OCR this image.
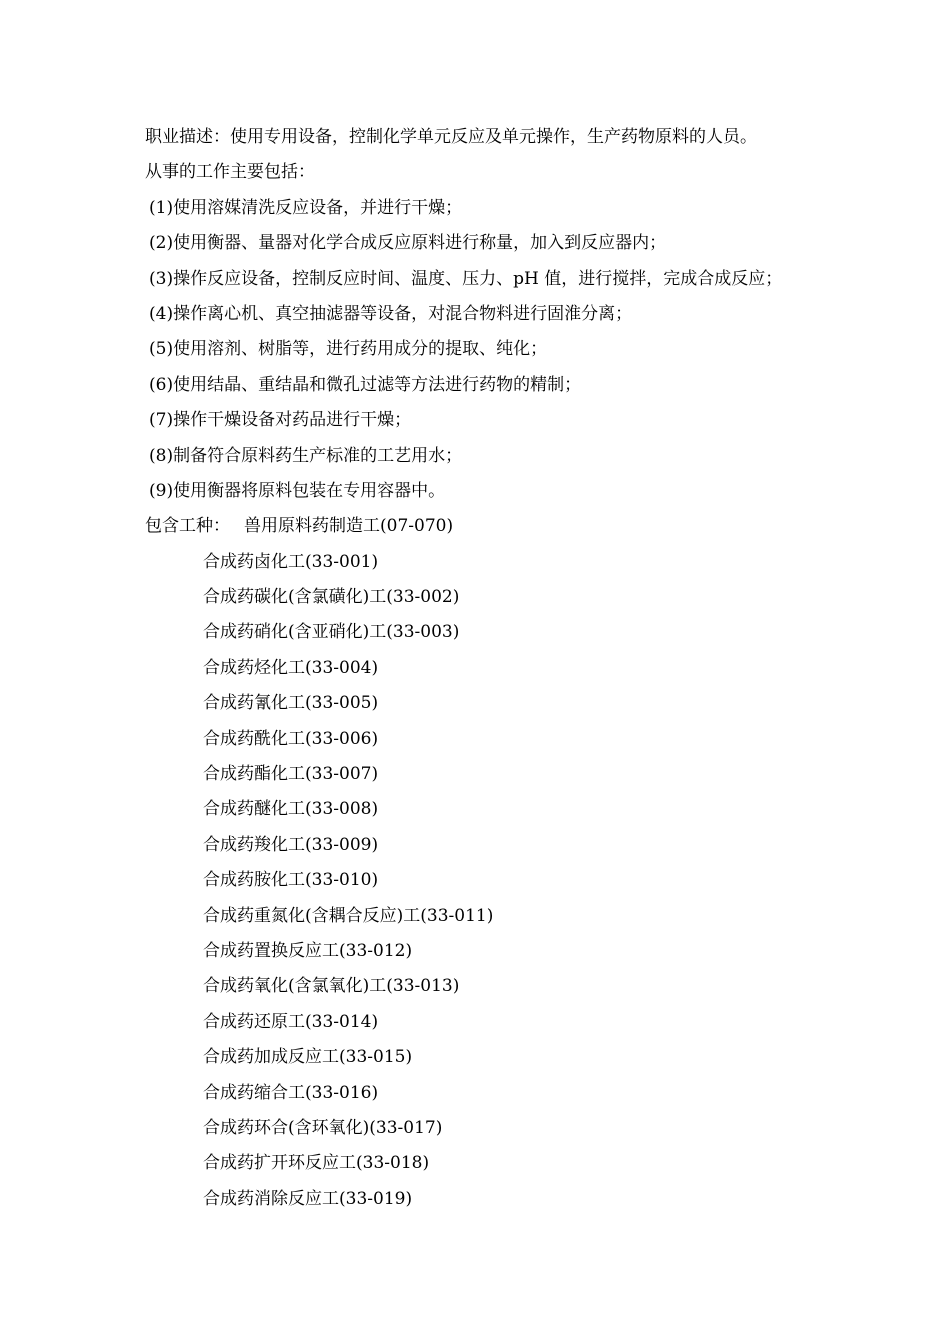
职业描述：使用专用设备，控制化学单元反应及单元操作，生产药物原料的人员。
从事的工作主要包括：
(1)使用溶媒清洗反应设备，并进行干燥；
(2)使用衡器、量器对化学合成反应原料进行称量，加入到反应器内；
(3)操作反应设备，控制反应时间、温度、压力、pH 值，进行搅拌，完成合成反应；
(4)操作离心机、真空抽滤器等设备，对混合物料进行固淮分离；
(5)使用溶剂、树脂等，进行药用成分的提取、纯化；
(6)使用结晶、重结晶和微孔过滤等方法进行药物的精制；
(7)操作干燥设备对药品进行干燥；
(8)制备符合原料药生产标准的工艺用水；
(9)使用衡器将原料包装在专用容器中。
包含工种： 兽用原料药制造工(07-070)
合成药卤化工(33-001)
合成药碳化(含氯磺化)工(33-002)
合成药硝化(含亚硝化)工(33-003)
合成药烃化工(33-004)
合成药氰化工(33-005)
合成药酰化工(33-006)
合成药酯化工(33-007)
合成药醚化工(33-008)
合成药羧化工(33-009)
合成药胺化工(33-010)
合成药重氮化(含耦合反应)工(33-011)
合成药置换反应工(33-012)
合成药氧化(含氯氧化)工(33-013)
合成药还原工(33-014)
合成药加成反应工(33-015)
合成药缩合工(33-016)
合成药环合(含环氧化)(33-017)
合成药扩开环反应工(33-018)
合成药消除反应工(33-019)
